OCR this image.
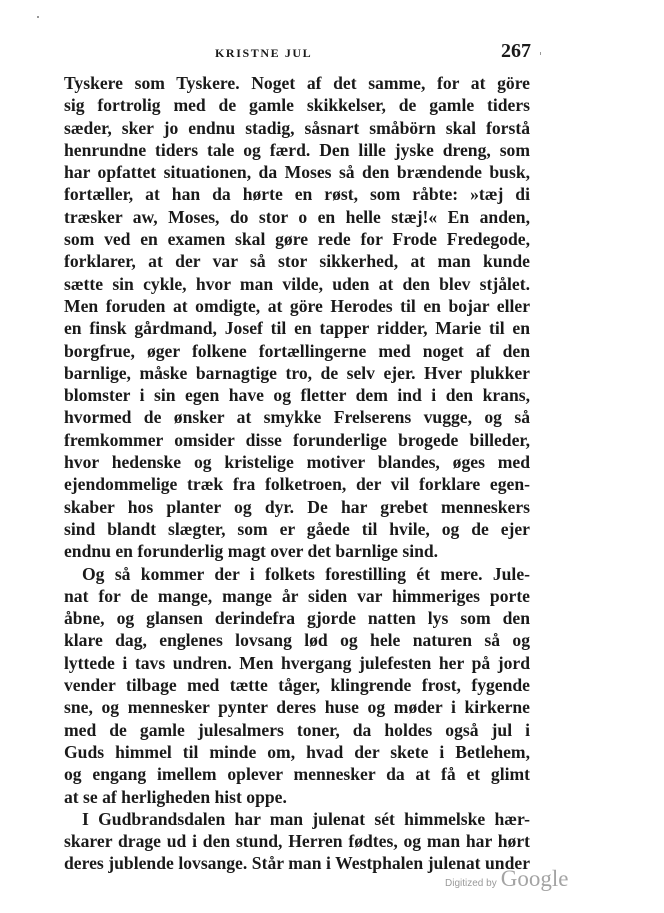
KRISTNE JUL	267
Tyskere som Tyskere. Noget af det samme, for at göre
sig fortrolig med de gamle skikkelser, de gamle tiders
sæder, sker jo endnu stadig, såsnart småbörn skal forstå
henrundne tiders tale og færd. Den lille jyske dreng, som
har opfattet situationen, da Moses så den brændende busk,
fortæller, at han da hørte en røst, som råbte: »tæj di
træsker aw, Moses, do stor o en helle stæj!« En anden,
som ved en examen skal gøre rede for Frode Fredegode,
forklarer, at der var så stor sikkerhed, at man kunde
sætte sin cykle, hvor man vilde, uden at den blev stjålet.
Men foruden at omdigte, at göre Herodes til en bojar eller
en finsk gårdmand, Josef til en tapper ridder, Marie til en
borgfrue, øger folkene fortællingerne med noget af den
barnlige, måske barnagtige tro, de selv ejer. Hver plukker
blomster i sin egen have og fletter dem ind i den krans,
hvormed de ønsker at smykke Frelserens vugge, og så
fremkommer omsider disse forunderlige brogede billeder,
hvor hedenske og kristelige motiver blandes, øges med
ejendommelige træk fra folketroen, der vil forklare egen-
skaber hos planter og dyr. De har grebet menneskers
sind blandt slægter, som er gåede til hvile, og de ejer
endnu en forunderlig magt over det barnlige sind.
Og så kommer der i folkets forestilling ét mere. Jule-
nat for de mange, mange år siden var himmeriges porte
åbne, og glansen derindefra gjorde natten lys som den
klare dag, englenes lovsang lød og hele naturen så og
lyttede i tavs undren. Men hvergang julefesten her på jord
vender tilbage med tætte tåger, klingrende frost, fygende
sne, og mennesker pynter deres huse og møder i kirkerne
med de gamle julesalmers toner, da holdes også jul i
Guds himmel til minde om, hvad der skete i Betlehem,
og engang imellem oplever mennesker da at få et glimt
at se af herligheden hist oppe.
I Gudbrandsdalen har man julenat sét himmelske hær-
skarer drage ud i den stund, Herren fødtes, og man har hørt
deres jublende lovsange. Står man i Westphalen julenat under
Digitized by Google
